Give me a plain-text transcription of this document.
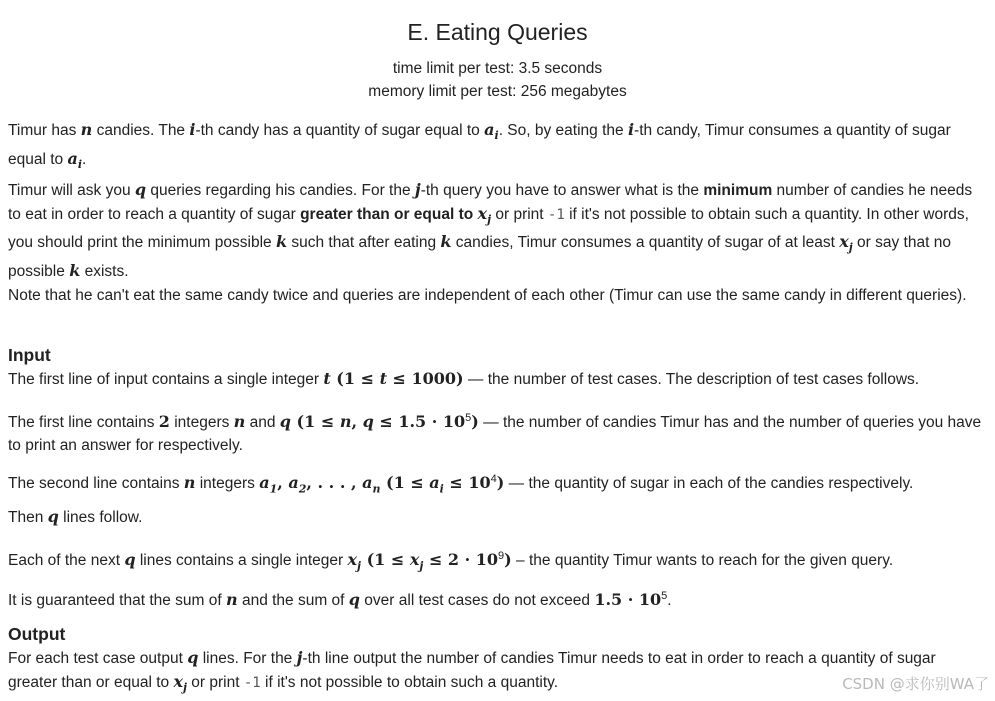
E. Eating Queries
time limit per test: 3.5 seconds
memory limit per test: 256 megabytes
Timur has n candies. The i-th candy has a quantity of sugar equal to $a_i$. So, by eating the i-th candy, Timur consumes a quantity of sugar equal to $a_i$.
Timur will ask you q queries regarding his candies. For the j-th query you have to answer what is the minimum number of candies he needs to eat in order to reach a quantity of sugar greater than or equal to $x_j$ or print -1 if it's not possible to obtain such a quantity. In other words, you should print the minimum possible k such that after eating k candies, Timur consumes a quantity of sugar of at least $x_j$ or say that no possible k exists.
Note that he can't eat the same candy twice and queries are independent of each other (Timur can use the same candy in different queries).
Input
The first line of input contains a single integer t (1 ≤ t ≤ 1000) — the number of test cases. The description of test cases follows.
The first line contains 2 integers n and q (1 ≤ n, $q \le 1.5 \cdot 10^5$) — the number of candies Timur has and the number of queries you have to print an answer for respectively.
The second line contains n integers $a_1$, $a_2$, . . . , $a_n$ $(1 \le a_i \le 10^4)$ — the quantity of sugar in each of the candies respectively.
Then q lines follow.
Each of the next q lines contains a single integer $x_j$ $(1 \le x_j \le 2 \cdot 10^9)$ – the quantity Timur wants to reach for the given query.
It is guaranteed that the sum of n and the sum of q over all test cases do not exceed $1.5 \cdot 10^5$.
Output
For each test case output q lines. For the j-th line output the number of candies Timur needs to eat in order to reach a quantity of sugar greater than or equal to $x_j$ or print -1 if it's not possible to obtain such a quantity.	CSDN @求你别WA了
